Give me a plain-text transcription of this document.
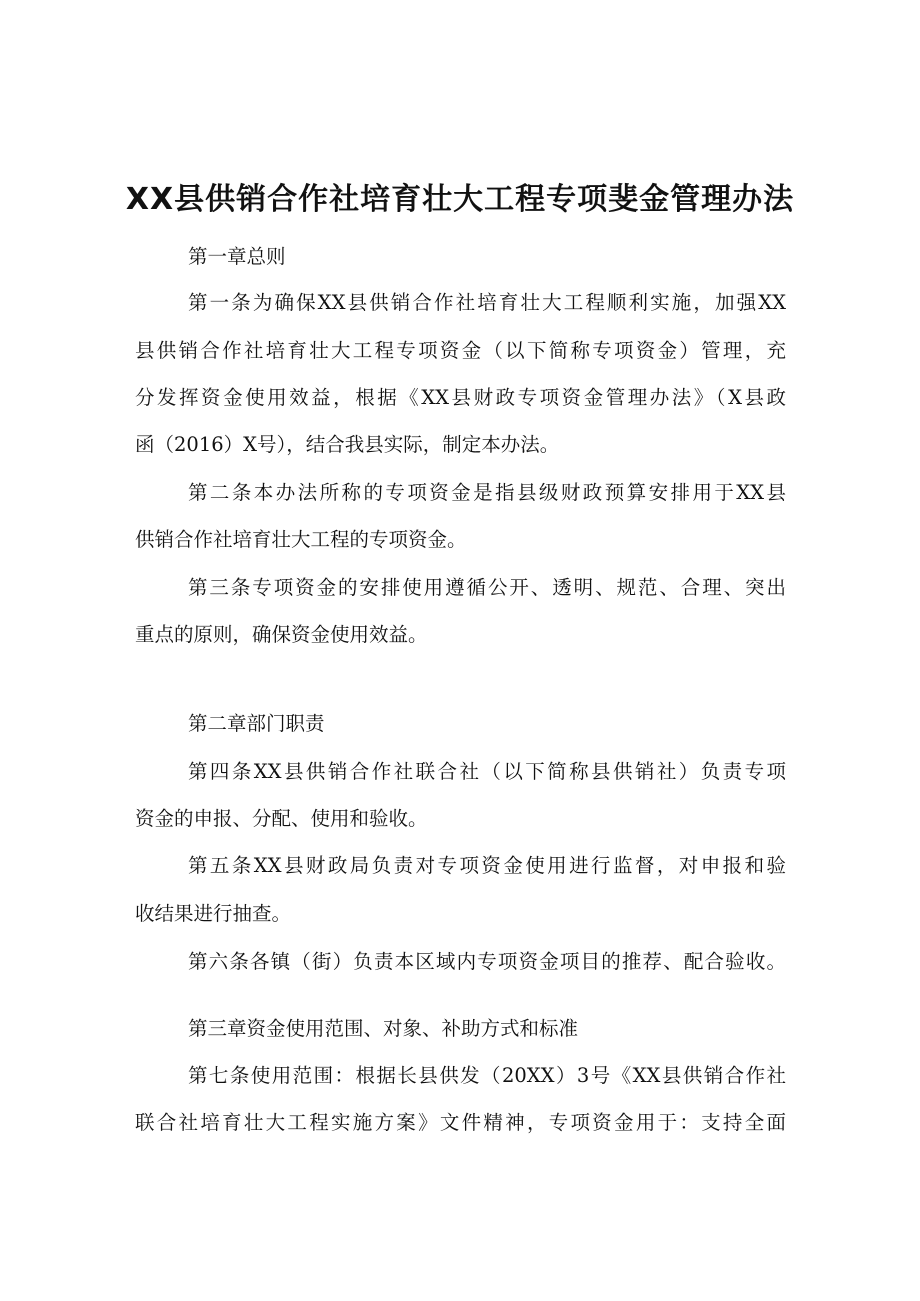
XX县供销合作社培育壮大工程专项斐金管理办法
第一章总则
第一条为确保XX县供销合作社培育壮大工程顺利实施，加强XX
县供销合作社培育壮大工程专项资金（以下简称专项资金）管理，充
分发挥资金使用效益，根据《XX县财政专项资金管理办法》（X县政
函（2016）X号），结合我县实际，制定本办法。
第二条本办法所称的专项资金是指县级财政预算安排用于XX县
供销合作社培育壮大工程的专项资金。
第三条专项资金的安排使用遵循公开、透明、规范、合理、突出
重点的原则，确保资金使用效益。
第二章部门职责
第四条XX县供销合作社联合社（以下简称县供销社）负责专项
资金的申报、分配、使用和验收。
第五条XX县财政局负责对专项资金使用进行监督，对申报和验
收结果进行抽查。
第六条各镇（街）负责本区域内专项资金项目的推荐、配合验收。
第三章资金使用范围、对象、补助方式和标准
第七条使用范围：根据长县供发（20XX）3号《XX县供销合作社
联合社培育壮大工程实施方案》文件精神，专项资金用于：支持全面
